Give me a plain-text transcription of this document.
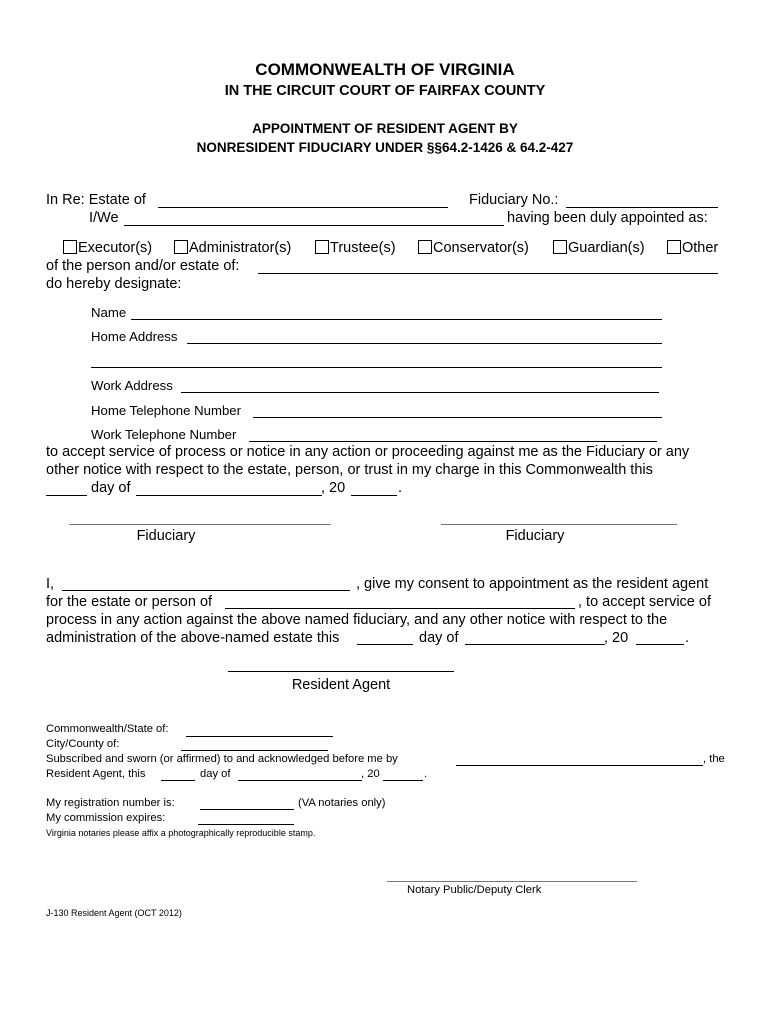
COMMONWEALTH OF VIRGINIA
IN THE CIRCUIT COURT OF FAIRFAX COUNTY
APPOINTMENT OF RESIDENT AGENT BY
NONRESIDENT FIDUCIARY UNDER §§64.2-1426 & 64.2-427
In Re: Estate of	Fiduciary No.:
I/We	having been duly appointed as:
Executor(s)	Administrator(s)	Trustee(s)	Conservator(s)	Guardian(s)	Other
of the person and/or estate of:
do hereby designate:
Name
Home Address
Work Address
Home Telephone Number
Work Telephone Number
to accept service of process or notice in any action or proceeding against me as the Fiduciary or any
other notice with respect to the estate, person, or trust in my charge in this Commonwealth this
day of	, 20	.
Fiduciary	Fiduciary
I,	, give my consent to appointment as the resident agent
for the estate or person of	, to accept service of
process in any action against the above named fiduciary, and any other notice with respect to the
administration of the above-named estate this	day of	, 20	.
Resident Agent
Commonwealth/State of:
City/County of:
Subscribed and sworn (or affirmed) to and acknowledged before me by	, the
Resident Agent, this	day of	, 20	.
My registration number is:	(VA notaries only)
My commission expires:
Virginia notaries please affix a photographically reproducible stamp.
Notary Public/Deputy Clerk
J-130 Resident Agent (OCT 2012)
